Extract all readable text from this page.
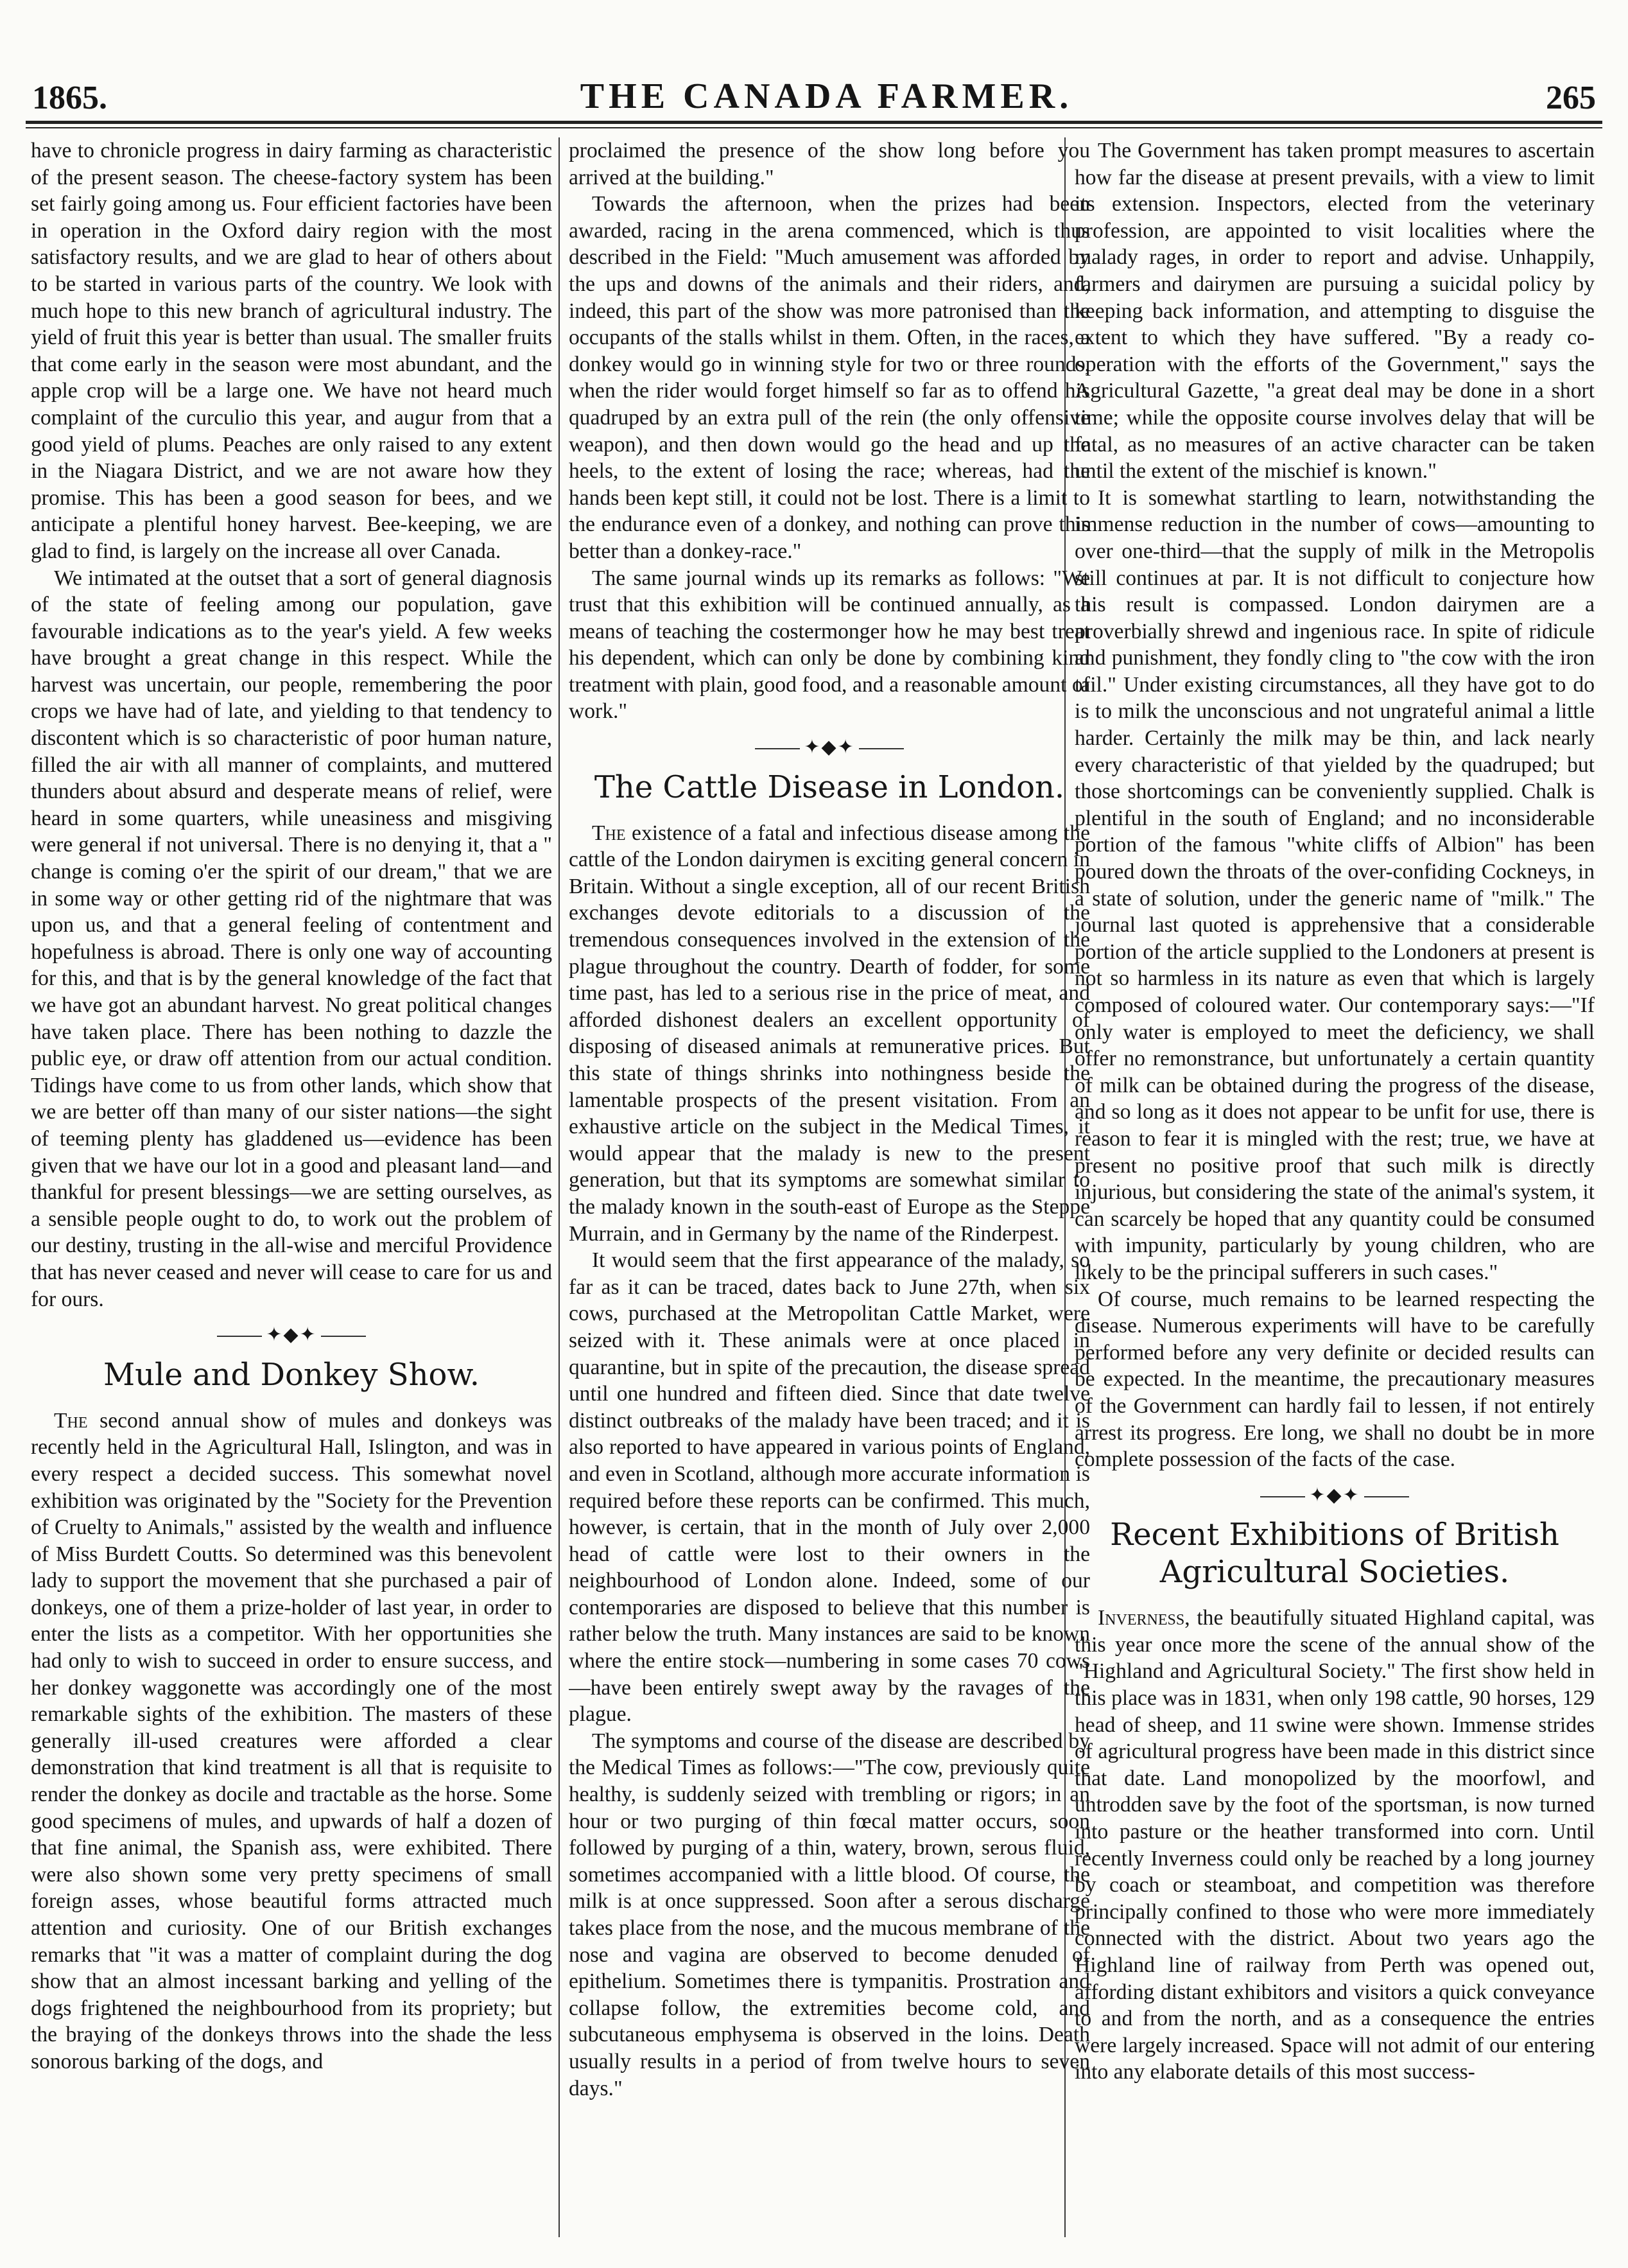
1865.	THE CANADA FARMER.	265

have to chronicle progress in dairy farming as characteristic of the present season. The cheese-factory system has been set fairly going among us. Four efficient factories have been in operation in the Oxford dairy region with the most satisfactory results, and we are glad to hear of others about to be started in various parts of the country. We look with much hope to this new branch of agricultural industry. The yield of fruit this year is better than usual. The smaller fruits that come early in the season were most abundant, and the apple crop will be a large one. We have not heard much complaint of the curculio this year, and augur from that a good yield of plums. Peaches are only raised to any extent in the Niagara District, and we are not aware how they promise. This has been a good season for bees, and we anticipate a plentiful honey harvest. Bee-keeping, we are glad to find, is largely on the increase all over Canada.

We intimated at the outset that a sort of general diagnosis of the state of feeling among our population, gave favourable indications as to the year's yield. A few weeks have brought a great change in this respect. While the harvest was uncertain, our people, remembering the poor crops we have had of late, and yielding to that tendency to discontent which is so characteristic of poor human nature, filled the air with all manner of complaints, and muttered thunders about absurd and desperate means of relief, were heard in some quarters, while uneasiness and misgiving were general if not universal. There is no denying it, that a " change is coming o'er the spirit of our dream," that we are in some way or other getting rid of the nightmare that was upon us, and that a general feeling of contentment and hopefulness is abroad. There is only one way of accounting for this, and that is by the general knowledge of the fact that we have got an abundant harvest. No great political changes have taken place. There has been nothing to dazzle the public eye, or draw off attention from our actual condition. Tidings have come to us from other lands, which show that we are better off than many of our sister nations—the sight of teeming plenty has gladdened us—evidence has been given that we have our lot in a good and pleasant land—and thankful for present blessings—we are setting ourselves, as a sensible people ought to do, to work out the problem of our destiny, trusting in the all-wise and merciful Providence that has never ceased and never will cease to care for us and for ours.

✦◆✦
Mule and Donkey Show.

The second annual show of mules and donkeys was recently held in the Agricultural Hall, Islington, and was in every respect a decided success. This somewhat novel exhibition was originated by the "Society for the Prevention of Cruelty to Animals," assisted by the wealth and influence of Miss Burdett Coutts. So determined was this benevolent lady to support the movement that she purchased a pair of donkeys, one of them a prize-holder of last year, in order to enter the lists as a competitor. With her opportunities she had only to wish to succeed in order to ensure success, and her donkey waggonette was accordingly one of the most remarkable sights of the exhibition. The masters of these generally ill-used creatures were afforded a clear demonstration that kind treatment is all that is requisite to render the donkey as docile and tractable as the horse. Some good specimens of mules, and upwards of half a dozen of that fine animal, the Spanish ass, were exhibited. There were also shown some very pretty specimens of small foreign asses, whose beautiful forms attracted much attention and curiosity. One of our British exchanges remarks that "it was a matter of complaint during the dog show that an almost incessant barking and yelling of the dogs frightened the neighbourhood from its propriety; but the braying of the donkeys throws into the shade the less sonorous barking of the dogs, and

proclaimed the presence of the show long before you arrived at the building."

Towards the afternoon, when the prizes had been awarded, racing in the arena commenced, which is thus described in the Field: "Much amusement was afforded by the ups and downs of the animals and their riders, and, indeed, this part of the show was more patronised than the occupants of the stalls whilst in them. Often, in the races, a donkey would go in winning style for two or three rounds, when the rider would forget himself so far as to offend his quadruped by an extra pull of the rein (the only offensive weapon), and then down would go the head and up the heels, to the extent of losing the race; whereas, had the hands been kept still, it could not be lost. There is a limit to the endurance even of a donkey, and nothing can prove this better than a donkey-race."

The same journal winds up its remarks as follows: "We trust that this exhibition will be continued annually, as a means of teaching the costermonger how he may best treat his dependent, which can only be done by combining kind treatment with plain, good food, and a reasonable amount of work."

✦◆✦
The Cattle Disease in London.

The existence of a fatal and infectious disease among the cattle of the London dairymen is exciting general concern in Britain. Without a single exception, all of our recent British exchanges devote editorials to a discussion of the tremendous consequences involved in the extension of the plague throughout the country. Dearth of fodder, for some time past, has led to a serious rise in the price of meat, and afforded dishonest dealers an excellent opportunity of disposing of diseased animals at remunerative prices. But this state of things shrinks into nothingness beside the lamentable prospects of the present visitation. From an exhaustive article on the subject in the Medical Times, it would appear that the malady is new to the present generation, but that its symptoms are somewhat similar to the malady known in the south-east of Europe as the Steppe Murrain, and in Germany by the name of the Rinderpest.

It would seem that the first appearance of the malady, so far as it can be traced, dates back to June 27th, when six cows, purchased at the Metropolitan Cattle Market, were seized with it. These animals were at once placed in quarantine, but in spite of the precaution, the disease spread until one hundred and fifteen died. Since that date twelve distinct outbreaks of the malady have been traced; and it is also reported to have appeared in various points of England, and even in Scotland, although more accurate information is required before these reports can be confirmed. This much, however, is certain, that in the month of July over 2,000 head of cattle were lost to their owners in the neighbourhood of London alone. Indeed, some of our contemporaries are disposed to believe that this number is rather below the truth. Many instances are said to be known where the entire stock—numbering in some cases 70 cows—have been entirely swept away by the ravages of the plague.

The symptoms and course of the disease are described by the Medical Times as follows:—"The cow, previously quite healthy, is suddenly seized with trembling or rigors; in an hour or two purging of thin fœcal matter occurs, soon followed by purging of a thin, watery, brown, serous fluid, sometimes accompanied with a little blood. Of course, the milk is at once suppressed. Soon after a serous discharge takes place from the nose, and the mucous membrane of the nose and vagina are observed to become denuded of epithelium. Sometimes there is tympanitis. Prostration and collapse follow, the extremities become cold, and subcutaneous emphysema is observed in the loins. Death usually results in a period of from twelve hours to seven days."

The Government has taken prompt measures to ascertain how far the disease at present prevails, with a view to limit its extension. Inspectors, elected from the veterinary profession, are appointed to visit localities where the malady rages, in order to report and advise. Unhappily, farmers and dairymen are pursuing a suicidal policy by keeping back information, and attempting to disguise the extent to which they have suffered. "By a ready co-operation with the efforts of the Government," says the Agricultural Gazette, "a great deal may be done in a short time; while the opposite course involves delay that will be fatal, as no measures of an active character can be taken until the extent of the mischief is known."

It is somewhat startling to learn, notwithstanding the immense reduction in the number of cows—amounting to over one-third—that the supply of milk in the Metropolis still continues at par. It is not difficult to conjecture how this result is compassed. London dairymen are a proverbially shrewd and ingenious race. In spite of ridicule and punishment, they fondly cling to "the cow with the iron tail." Under existing circumstances, all they have got to do is to milk the unconscious and not ungrateful animal a little harder. Certainly the milk may be thin, and lack nearly every characteristic of that yielded by the quadruped; but those shortcomings can be conveniently supplied. Chalk is plentiful in the south of England; and no inconsiderable portion of the famous "white cliffs of Albion" has been poured down the throats of the over-confiding Cockneys, in a state of solution, under the generic name of "milk." The journal last quoted is apprehensive that a considerable portion of the article supplied to the Londoners at present is not so harmless in its nature as even that which is largely composed of coloured water. Our contemporary says:—"If only water is employed to meet the deficiency, we shall offer no remonstrance, but unfortunately a certain quantity of milk can be obtained during the progress of the disease, and so long as it does not appear to be unfit for use, there is reason to fear it is mingled with the rest; true, we have at present no positive proof that such milk is directly injurious, but considering the state of the animal's system, it can scarcely be hoped that any quantity could be consumed with impunity, particularly by young children, who are likely to be the principal sufferers in such cases."

Of course, much remains to be learned respecting the disease. Numerous experiments will have to be carefully performed before any very definite or decided results can be expected. In the meantime, the precautionary measures of the Government can hardly fail to lessen, if not entirely arrest its progress. Ere long, we shall no doubt be in more complete possession of the facts of the case.

✦◆✦
Recent Exhibitions of British Agricultural Societies.

Inverness, the beautifully situated Highland capital, was this year once more the scene of the annual show of the "Highland and Agricultural Society." The first show held in this place was in 1831, when only 198 cattle, 90 horses, 129 head of sheep, and 11 swine were shown. Immense strides of agricultural progress have been made in this district since that date. Land monopolized by the moorfowl, and untrodden save by the foot of the sportsman, is now turned into pasture or the heather transformed into corn. Until recently Inverness could only be reached by a long journey by coach or steamboat, and competition was therefore principally confined to those who were more immediately connected with the district. About two years ago the Highland line of railway from Perth was opened out, affording distant exhibitors and visitors a quick conveyance to and from the north, and as a consequence the entries were largely increased. Space will not admit of our entering into any elaborate details of this most success-
